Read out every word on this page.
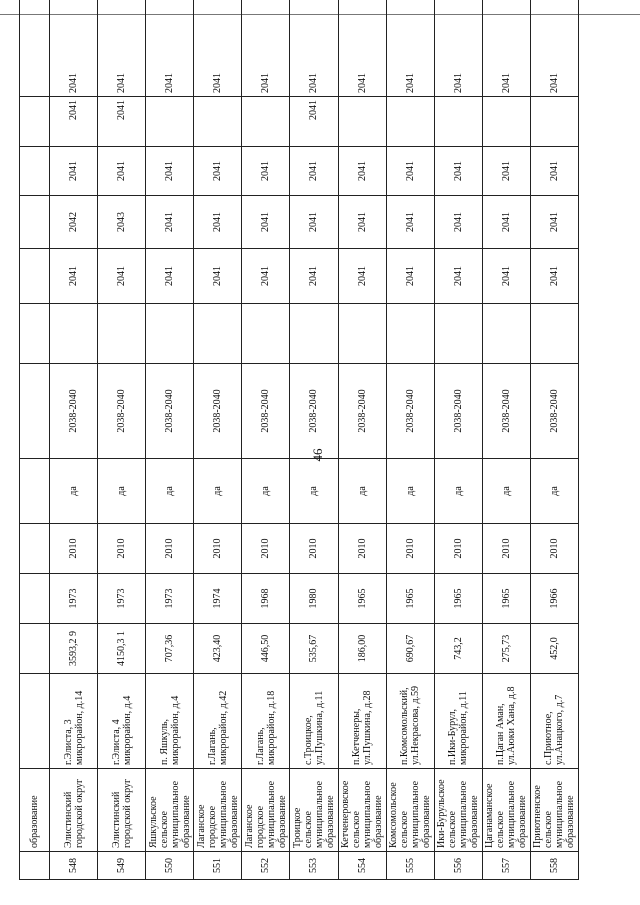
	образование												
548	Элистинский городской округ	г.Элиста, 3 микрорайон, д.14	3593,2 9	1973	2010	да	2038-2040		2041	2042	2041	2041	2041
549	Элистинский городской округ	г.Элиста, 4 микрорайон, д.4	4150,3 1	1973	2010	да	2038-2040		2041	2043	2041	2041	2041
550	Яшкульское сельское муниципальное образование	п. Яшкуль, микрорайон, д.4	707,36	1973	2010	да	2038-2040		2041	2041	2041		2041
551	Лаганское городское муниципальное образование	г.Лагань, микрорайон, д.42	423,40	1974	2010	да	2038-2040		2041	2041	2041		2041
552	Лаганское городское муниципальное образование	г.Лагань, микрорайон, д.18	446,50	1968	2010	да	2038-2040		2041	2041	2041		2041
553	Троицкое сельское муниципальное образование	с.Троицкое, ул.Пушкина, д.11	535,67	1980	2010	да	2038-2040		2041	2041	2041	2041	2041
554	Кетченеровское сельское муниципальное образование	п.Кетченеры, ул.Пушкина, д.28	186,00	1965	2010	да	2038-2040		2041	2041	2041		2041
555	Комсомольское сельское муниципальное образование	п.Комсомольский, ул.Некрасова, д.59	690,67	1965	2010	да	2038-2040		2041	2041	2041		2041
556	Ики-Бурульское сельское муниципальное образование	п.Ики-Бурул, микрорайон, д.11	743,2	1965	2010	да	2038-2040		2041	2041	2041		2041
557	Цаганаманское сельское муниципальное образование	п.Цаган Аман, ул.Аюки Хана, д.8	275,73	1965	2010	да	2038-2040		2041	2041	2041		2041
558	Приютненское сельское муниципальное образование	с.Приютное, ул.Анацкого, д.7	452,0	1966	2010	да	2038-2040		2041	2041	2041		2041
46
